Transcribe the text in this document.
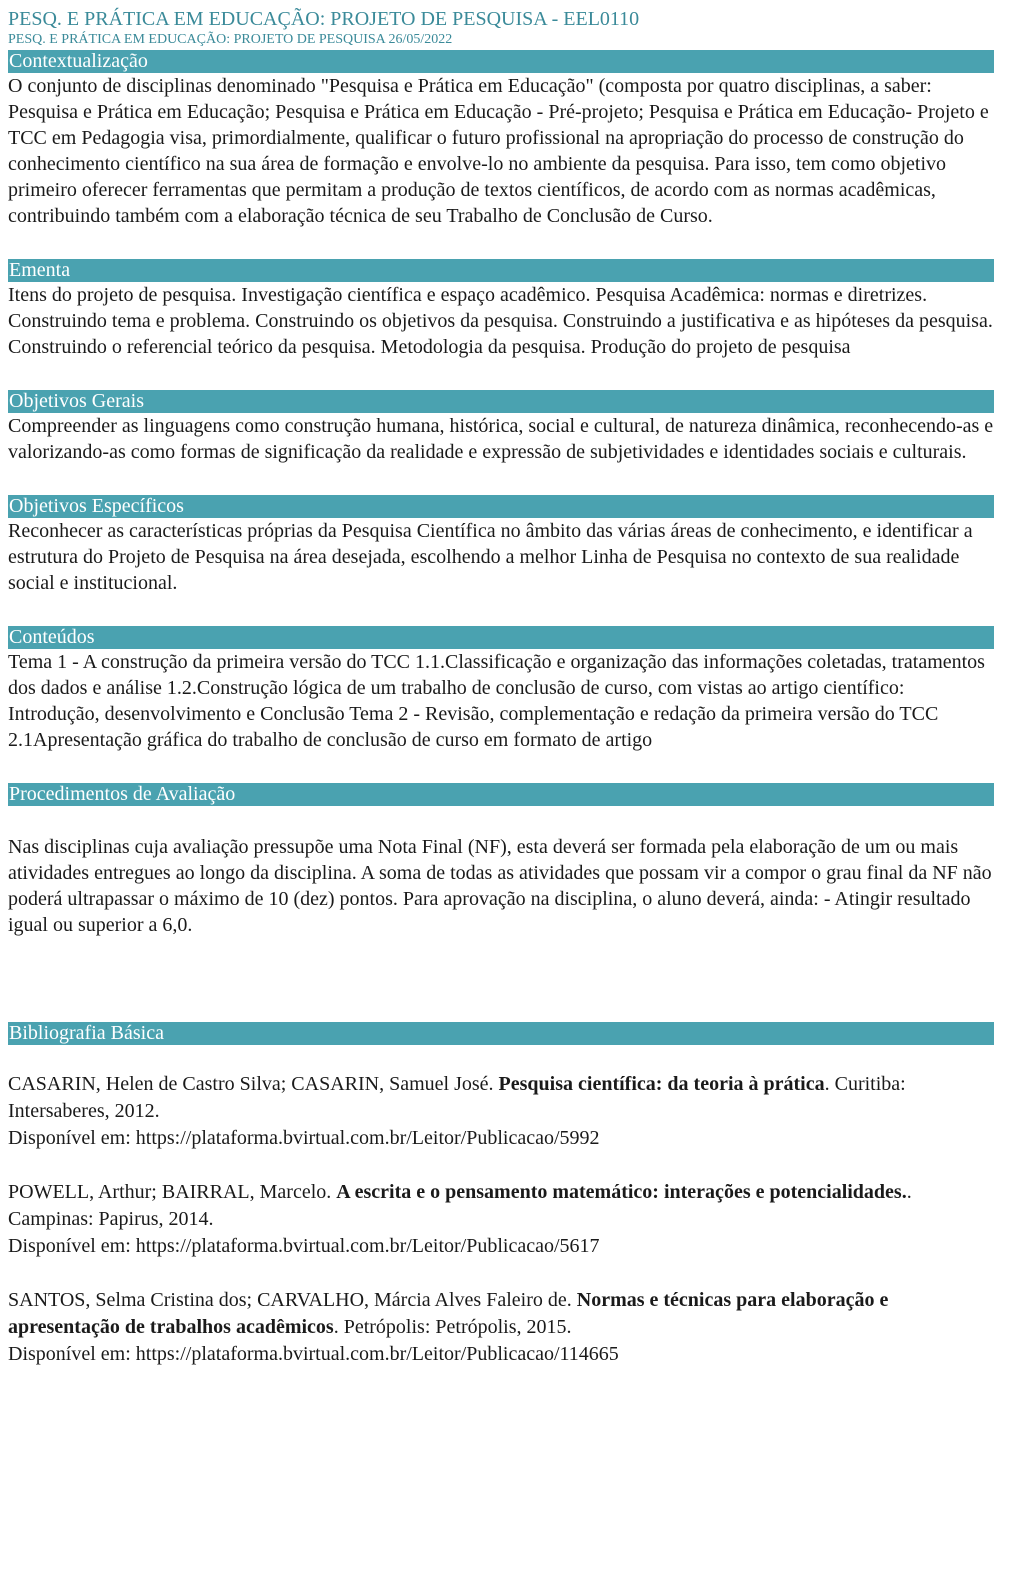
PESQ. E PRÁTICA EM EDUCAÇÃO: PROJETO DE PESQUISA - EEL0110
PESQ. E PRÁTICA EM EDUCAÇÃO: PROJETO DE PESQUISA 26/05/2022
Contextualização

O conjunto de disciplinas denominado "Pesquisa e Prática em Educação" (composta por quatro disciplinas, a saber: Pesquisa e Prática em Educação; Pesquisa e Prática em Educação - Pré-projeto; Pesquisa e Prática em Educação- Projeto e TCC em Pedagogia visa, primordialmente, qualificar o futuro profissional na apropriação do processo de construção do conhecimento científico na sua área de formação e envolve-lo no ambiente da pesquisa. Para isso, tem como objetivo primeiro oferecer ferramentas que permitam a produção de textos científicos, de acordo com as normas acadêmicas, contribuindo também com a elaboração técnica de seu Trabalho de Conclusão de Curso.

Ementa

Itens do projeto de pesquisa. Investigação científica e espaço acadêmico. Pesquisa Acadêmica: normas e diretrizes. Construindo tema e problema. Construindo os objetivos da pesquisa. Construindo a justificativa e as hipóteses da pesquisa. Construindo o referencial teórico da pesquisa. Metodologia da pesquisa. Produção do projeto de pesquisa

Objetivos Gerais

Compreender as linguagens como construção humana, histórica, social e cultural, de natureza dinâmica, reconhecendo-as e valorizando-as como formas de significação da realidade e expressão de subjetividades e identidades sociais e culturais.

Objetivos Específicos

Reconhecer as características próprias da Pesquisa Científica no âmbito das várias áreas de conhecimento, e identificar a estrutura do Projeto de Pesquisa na área desejada, escolhendo a melhor Linha de Pesquisa no contexto de sua realidade social e institucional.

Conteúdos

Tema 1 - A construção da primeira versão do TCC 1.1.Classificação e organização das informações coletadas, tratamentos dos dados e análise 1.2.Construção lógica de um trabalho de conclusão de curso, com vistas ao artigo científico: Introdução, desenvolvimento e Conclusão Tema 2 - Revisão, complementação e redação da primeira versão do TCC 2.1Apresentação gráfica do trabalho de conclusão de curso em formato de artigo

Procedimentos de Avaliação

Nas disciplinas cuja avaliação pressupõe uma Nota Final (NF), esta deverá ser formada pela elaboração de um ou mais atividades entregues ao longo da disciplina. A soma de todas as atividades que possam vir a compor o grau final da NF não poderá ultrapassar o máximo de 10 (dez) pontos. Para aprovação na disciplina, o aluno deverá, ainda: - Atingir resultado igual ou superior a 6,0.

Bibliografia Básica
CASARIN, Helen de Castro Silva; CASARIN, Samuel José. Pesquisa científica: da teoria à prática. Curitiba: Intersaberes, 2012.
Disponível em: https://plataforma.bvirtual.com.br/Leitor/Publicacao/5992
POWELL, Arthur; BAIRRAL, Marcelo. A escrita e o pensamento matemático: interações e potencialidades.. Campinas: Papirus, 2014.
Disponível em: https://plataforma.bvirtual.com.br/Leitor/Publicacao/5617
SANTOS, Selma Cristina dos; CARVALHO, Márcia Alves Faleiro de. Normas e técnicas para elaboração e apresentação de trabalhos acadêmicos. Petrópolis: Petrópolis, 2015.
Disponível em: https://plataforma.bvirtual.com.br/Leitor/Publicacao/114665
